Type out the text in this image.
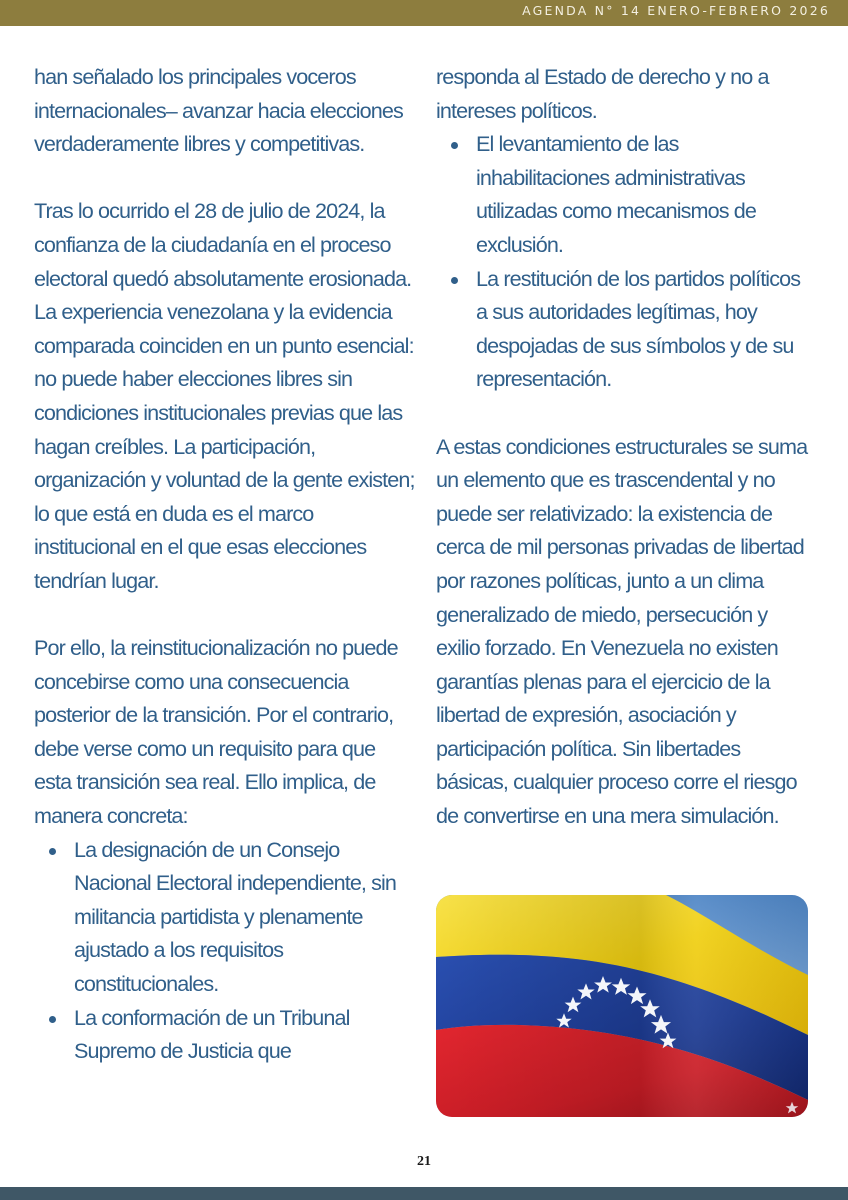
AGENDA N° 14 ENERO-FEBRERO 2026

han señalado los principales voceros internacionales– avanzar hacia elecciones verdaderamente libres y competitivas.

Tras lo ocurrido el 28 de julio de 2024, la confianza de la ciudadanía en el proceso electoral quedó absolutamente erosionada. La experiencia venezolana y la evidencia comparada coinciden en un punto esencial: no puede haber elecciones libres sin condiciones institucionales previas que las hagan creíbles. La participación, organización y voluntad de la gente existen; lo que está en duda es el marco institucional en el que esas elecciones tendrían lugar.

Por ello, la reinstitucionalización no puede concebirse como una consecuencia posterior de la transición. Por el contrario, debe verse como un requisito para que esta transición sea real. Ello implica, de manera concreta:

La designación de un Consejo Nacional Electoral independiente, sin militancia partidista y plenamente ajustado a los requisitos constitucionales.
La conformación de un Tribunal Supremo de Justicia que
responda al Estado de derecho y no a intereses políticos.
El levantamiento de las inhabilitaciones administrativas utilizadas como mecanismos de exclusión.
La restitución de los partidos políticos a sus autoridades legítimas, hoy despojadas de sus símbolos y de su representación.

A estas condiciones estructurales se suma un elemento que es trascendental y no puede ser relativizado: la existencia de cerca de mil personas privadas de libertad por razones políticas, junto a un clima generalizado de miedo, persecución y exilio forzado. En Venezuela no existen garantías plenas para el ejercicio de la libertad de expresión, asociación y participación política. Sin libertades básicas, cualquier proceso corre el riesgo de convertirse en una mera simulación.

21
